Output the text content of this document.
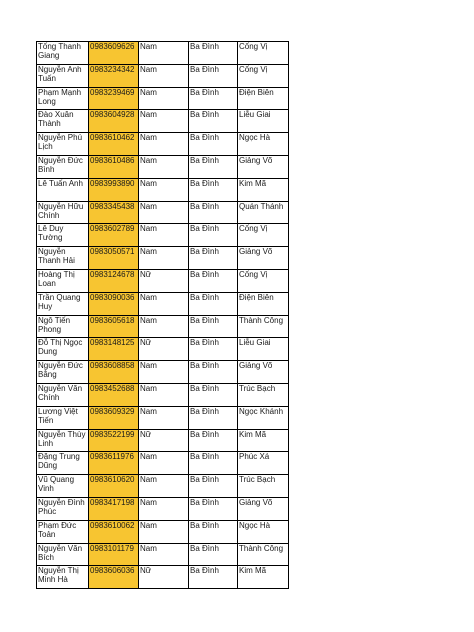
Tống Thanh Giang	0983609626	Nam	Ba Đình	Cống Vị
Nguyễn Anh Tuấn	0983234342	Nam	Ba Đình	Cống Vị
Phạm Mạnh Long	0983239469	Nam	Ba Đình	Điện Biên
Đào Xuân Thành	0983604928	Nam	Ba Đình	Liễu Giai
Nguyễn Phú Lịch	0983610462	Nam	Ba Đình	Ngọc Hà
Nguyễn Đức Bình	0983610486	Nam	Ba Đình	Giảng Võ
Lê Tuấn Anh	0983993890	Nam	Ba Đình	Kim Mã
Nguyễn Hữu Chính	0983345438	Nam	Ba Đình	Quán Thánh
Lê Duy Tường	0983602789	Nam	Ba Đình	Cống Vị
Nguyễn Thanh Hải	0983050571	Nam	Ba Đình	Giảng Võ
Hoàng Thị Loan	0983124678	Nữ	Ba Đình	Cống Vị
Trần Quang Huy	0983090036	Nam	Ba Đình	Điện Biên
Ngô Tiến Phong	0983605618	Nam	Ba Đình	Thành Công
Đỗ Thị Ngọc Dung	0983148125	Nữ	Ba Đình	Liễu Giai
Nguyễn Đức Bằng	0983608858	Nam	Ba Đình	Giảng Võ
Nguyễn Văn Chính	0983452688	Nam	Ba Đình	Trúc Bạch
Lương Việt Tiến	0983609329	Nam	Ba Đình	Ngọc Khánh
Nguyễn Thùy Linh	0983522199	Nữ	Ba Đình	Kim Mã
Đặng Trung Dũng	0983611976	Nam	Ba Đình	Phúc Xá
Vũ Quang Vinh	0983610620	Nam	Ba Đình	Trúc Bạch
Nguyễn Đình Phúc	0983417198	Nam	Ba Đình	Giảng Võ
Phạm Đức Toản	0983610062	Nam	Ba Đình	Ngọc Hà
Nguyễn Văn Bích	0983101179	Nam	Ba Đình	Thành Công
Nguyễn Thị Minh Hà	0983606036	Nữ	Ba Đình	Kim Mã
